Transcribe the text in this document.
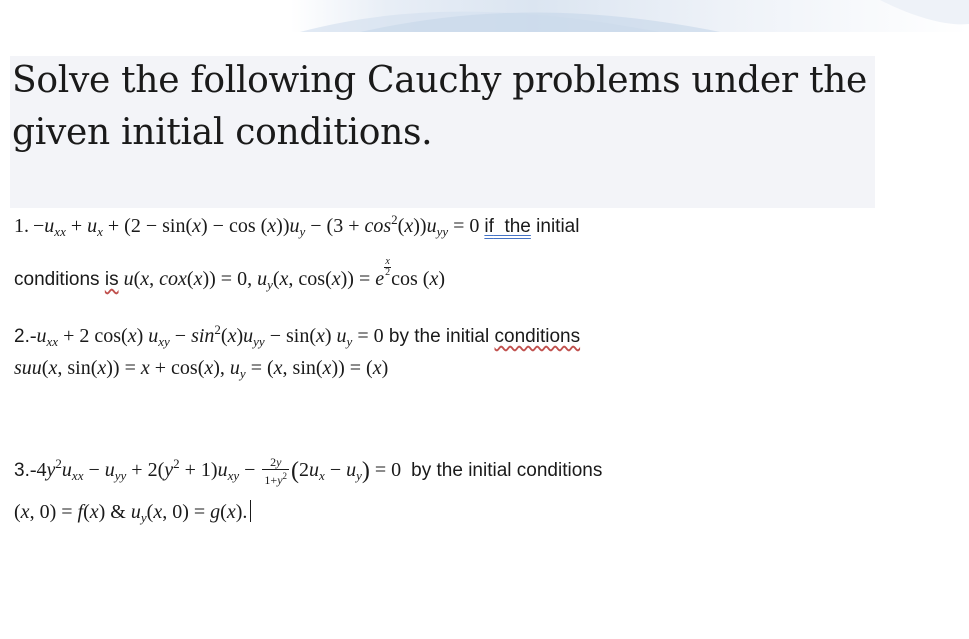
Solve the following Cauchy problems under the
given initial conditions.
1. $-u_{xx} + u_x + (2 - \sin(x) - \cos (x))u_y - (3 + \cos^2(x))u_{yy} = 0$ if  the initial
conditions is u(x, cox(x)) = 0, $u_y(x$, cos(x)) = e
$\frac{x}{2}$
cos (x)
$2.-u_{xx} + 2$ cos(x) $u_{xy} - \sin^2(x)u_{yy} - \sin(x) u_y = 0$ by the initial conditions
suu(x, sin(x)) = x + cos(x), $u_y = (x$, sin(x)) = (x)
$3.-4y^2u_{xx} - u_{yy} + 2(y^2 + 1)u_{xy} - \frac{2y}{1+y^2} (2u_x - u_y) = 0$  by the initial conditions
(x, 0) = f(x) & $u_y(x$, 0) = g(x).
